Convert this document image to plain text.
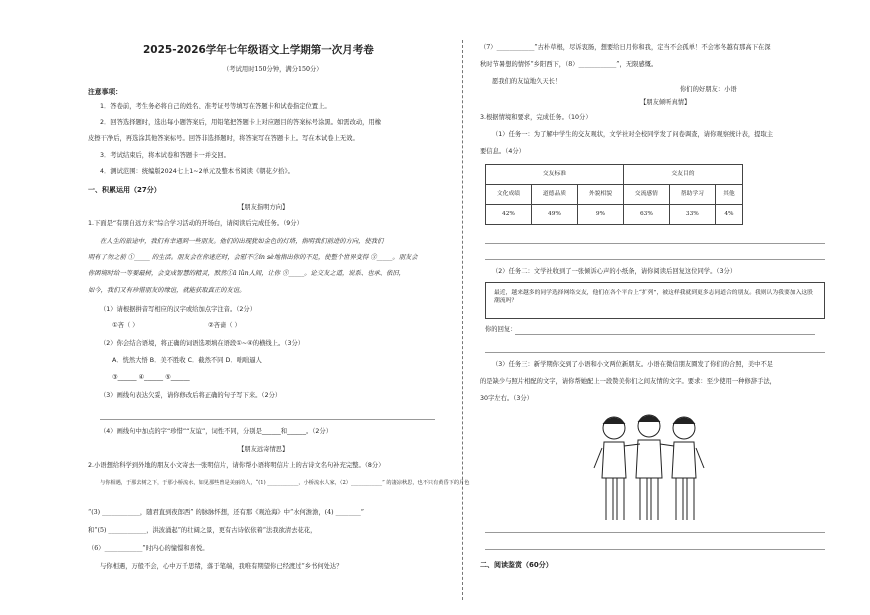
2025-2026学年七年级语文上学期第一次月考卷
（考试用时150分钟，满分150分）
注意事项：
1．答卷前，考生务必将自己的姓名、准考证号等填写在答题卡和试卷指定位置上。
2．回答选择题时，选出每小题答案后，用铅笔把答题卡上对应题目的答案标号涂黑。如需改动，用橡
皮擦干净后，再选涂其他答案标号。回答非选择题时，将答案写在答题卡上。写在本试卷上无效。
3．考试结束后，将本试卷和答题卡一并交回。
4．测试范围：统编版2024七上1~2单元及整本书阅读《朝花夕拾》。
一、积累运用（27分）
【朋友指明方向】
1.下面是“有朋自远方来”综合学习活动的开场白，请阅读后完成任务。（9分）
在人生的旅途中，我们有幸遇到一些朋友。他们的出现犹如金色的灯塔，指明我们前进的方向，使我们
明有了勿之前 ①_____ 的生活。朋友会在你迷茫时，会慰不②ín sè地指出你的不足，使整个世界变得 ③_____。朋友会
你困境时给一等要最树，会变成智慧的精灵，默然①ā lǜn人间，让你 ⑤_____。论交友之道，说系、也承、依旧，
如今，我们又有珍惜朋友的缘谊，就能获取真正的友谊。
（1）请根据拼音写相应的汉字或给加点字注音。（2分）
①吝（ ）	②吝啬（ ）
（2）你会结合语境，将正确的词语选项填在语段①~④的横线上。（3分）
A．恍然大悟 B．美不胜收 C．截然不同 D．咄咄逼人
③______ ④______ ⑤______
（3）画线句表达欠妥，请你修改后将正确的句子写下来。（2分）
（4）画线句中加点的字“珍惜”“友谊”，词性不同，分别是______和______。（2分）
【朋友远寄情思】
2.小语想给科学到外地的朋友小文寄去一张明信片，请你帮小语将明信片上的古诗文名句补充完整。（8分）
与你相遇，于那去树之下，于那小桥流水，如见那些曾是美丽的人，“(1) ____________，小桥流水人家，（2）____________” 的凄凉秋思，也不只有黄昏下的月色
“(3) ____________，随君直到夜郎西” 的脉脉怀想，还有那《观沧海》中“水何澹澹，(4) ________”
和“(5) ____________，洪波涌起”的壮阔之景，更有古诗依依着“法我欲清去花花，
（6）____________”时内心的憧憬和喜悦。
与你相遇，万般不会，心中万千思绪，落于笔端，我唯有期望你已经渡过“乡书何处达？
（7）____________”古朴草根，尽诉衷肠，想要给日月你和我，定当不会孤单！不会寒冬越有那高下在深
秋时节暑想的情怀“乡阳西下，（8）____________”，无限感慨。
愿我们的友谊地久天长！
你们的好朋友：小语
【朋友倾听真情】
3.根据情境和要求，完成任务。（10分）
（1）任务一：为了解中学生的交友观状，文学社对全校同学发了问卷调查，请你观察统计表，提取主
要信息。（4分）
交友标准			交友目的		
文化成绩	道德品质	外貌相貌	交流感情	帮助学习	其他
42%	49%	9%	63%	33%	4%
（2）任务二：文学社收到了一张倾诉心声的小纸条，请你阅读后回复这位同学。（3分）
最近，越来越多的同学选择网络交友，他们在各个平台上“扩列”，被这样我就到更多志同道合的朋友。我则认为我要加入这股潮流吗？
你的回复：
（3）任务三：新学期你交到了小语和小文两位新朋友。小语在微信朋友圈发了你们的合照，美中不足
的是缺少与照片相配的文字，请你帮她配上一段赞美你们之间友情的文字。要求：至少使用一种修辞手法，
30字左右。（3分）
二、阅读鉴赏（60分）
